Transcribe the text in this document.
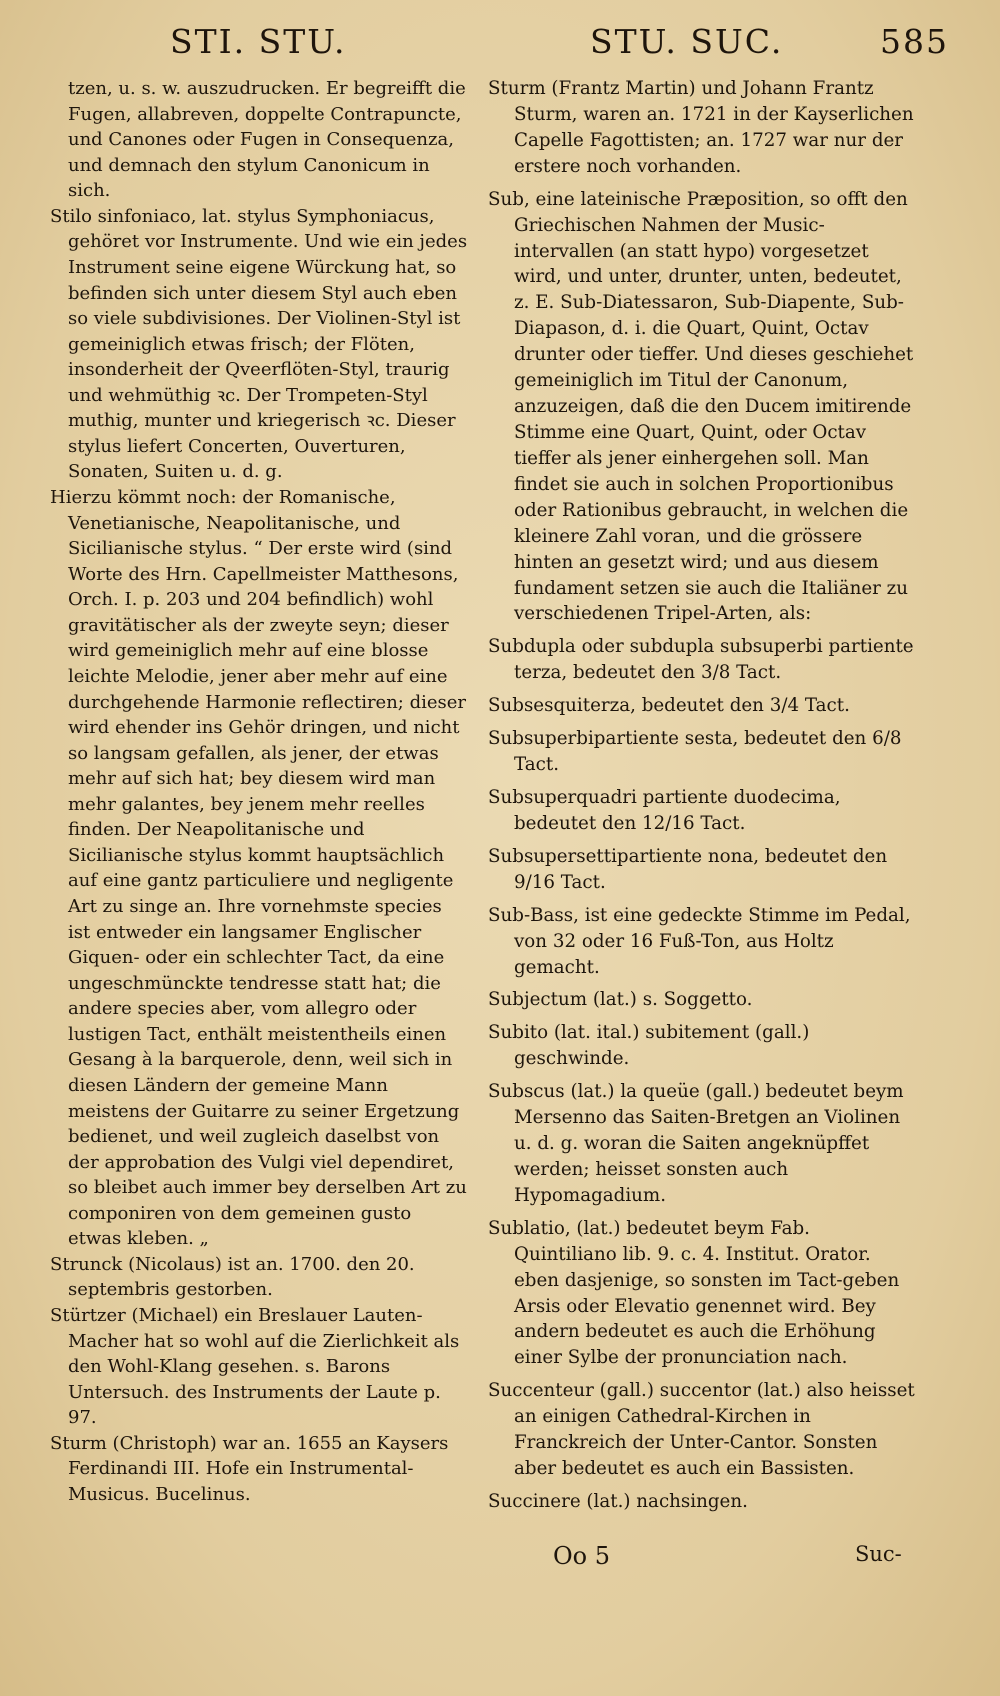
STI. STU.	STU. SUC.	585

tzen, u. s. w. auszudrucken. Er begreifft die Fugen, allabreven, doppelte Contrapuncte, und Canones oder Fugen in Consequenza, und demnach den stylum Canonicum in sich.

Stilo sinfoniaco, lat. stylus Symphoniacus, gehöret vor Instrumente. Und wie ein jedes Instrument seine eigene Würckung hat, so befinden sich unter diesem Styl auch eben so viele subdivisiones. Der Violinen-Styl ist gemeiniglich etwas frisch; der Flöten, insonderheit der Qveerflöten-Styl, traurig und wehmüthig ꝛc. Der Trompeten-Styl muthig, munter und kriegerisch ꝛc. Dieser stylus liefert Concerten, Ouverturen, Sonaten, Suiten u. d. g.

Hierzu kömmt noch: der Romanische, Venetianische, Neapolitanische, und Sicilianische stylus. “ Der erste wird (sind Worte des Hrn. Capellmeister Matthesons, Orch. I. p. 203 und 204 befindlich) wohl gravitätischer als der zweyte seyn; dieser wird gemeiniglich mehr auf eine blosse leichte Melodie, jener aber mehr auf eine durchgehende Harmonie reflectiren; dieser wird ehender ins Gehör dringen, und nicht so langsam gefallen, als jener, der etwas mehr auf sich hat; bey diesem wird man mehr galantes, bey jenem mehr reelles finden. Der Neapolitanische und Sicilianische stylus kommt hauptsächlich auf eine gantz particuliere und negligente Art zu singe an. Ihre vornehmste species ist entweder ein langsamer Englischer Giquen- oder ein schlechter Tact, da eine ungeschmünckte tendresse statt hat; die andere species aber, vom allegro oder lustigen Tact, enthält meistentheils einen Gesang à la barquerole, denn, weil sich in diesen Ländern der gemeine Mann meistens der Guitarre zu seiner Ergetzung bedienet, und weil zugleich daselbst von der approbation des Vulgi viel dependiret, so bleibet auch immer bey derselben Art zu componiren von dem gemeinen gusto etwas kleben. „

Strunck (Nicolaus) ist an. 1700. den 20. septembris gestorben.

Stürtzer (Michael) ein Breslauer Lauten-Macher hat so wohl auf die Zierlichkeit als den Wohl-Klang gesehen. s. Barons Untersuch. des Instruments der Laute p. 97.

Sturm (Christoph) war an. 1655 an Kaysers Ferdinandi III. Hofe ein Instrumental-Musicus. Bucelinus.

Sturm (Frantz Martin) und Johann Frantz Sturm, waren an. 1721 in der Kayserlichen Capelle Fagottisten; an. 1727 war nur der erstere noch vorhanden.

Sub, eine lateinische Præposition, so offt den Griechischen Nahmen der Music-intervallen (an statt hypo) vorgesetzet wird, und unter, drunter, unten, bedeutet, z. E. Sub-Diatessaron, Sub-Diapente, Sub-Diapason, d. i. die Quart, Quint, Octav drunter oder tieffer. Und dieses geschiehet gemeiniglich im Titul der Canonum, anzuzeigen, daß die den Ducem imitirende Stimme eine Quart, Quint, oder Octav tieffer als jener einhergehen soll. Man findet sie auch in solchen Proportionibus oder Rationibus gebraucht, in welchen die kleinere Zahl voran, und die grössere hinten an gesetzt wird; und aus diesem fundament setzen sie auch die Italiäner zu verschiedenen Tripel-Arten, als:

Subdupla oder subdupla subsuperbi partiente terza, bedeutet den 3/8 Tact.

Subsesquiterza, bedeutet den 3/4 Tact.

Subsuperbipartiente sesta, bedeutet den 6/8 Tact.

Subsuperquadri partiente duodecima, bedeutet den 12/16 Tact.

Subsupersettipartiente nona, bedeutet den 9/16 Tact.

Sub-Bass, ist eine gedeckte Stimme im Pedal, von 32 oder 16 Fuß-Ton, aus Holtz gemacht.

Subjectum (lat.) s. Soggetto.

Subito (lat. ital.) subitement (gall.) geschwinde.

Subscus (lat.) la queüe (gall.) bedeutet beym Mersenno das Saiten-Bretgen an Violinen u. d. g. woran die Saiten angeknüpffet werden; heisset sonsten auch Hypomagadium.

Sublatio, (lat.) bedeutet beym Fab. Quintiliano lib. 9. c. 4. Institut. Orator. eben dasjenige, so sonsten im Tact-geben Arsis oder Elevatio genennet wird. Bey andern bedeutet es auch die Erhöhung einer Sylbe der pronunciation nach.

Succenteur (gall.) succentor (lat.) also heisset an einigen Cathedral-Kirchen in Franckreich der Unter-Cantor. Sonsten aber bedeutet es auch ein Bassisten.

Succinere (lat.) nachsingen.

Oo 5	Suc-
